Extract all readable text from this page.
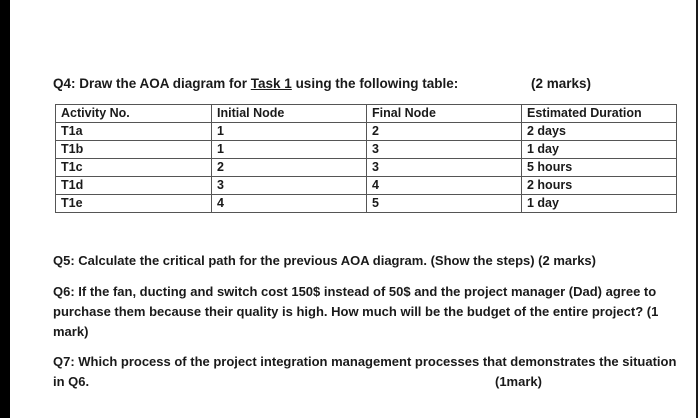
Q4: Draw the AOA diagram for Task 1 using the following table:	(2 marks)
Activity No.	Initial Node	Final Node	Estimated Duration
T1a	1	2	2 days
T1b	1	3	1 day
T1c	2	3	5 hours
T1d	3	4	2 hours
T1e	4	5	1 day
Q5: Calculate the critical path for the previous AOA diagram. (Show the steps) (2 marks)
Q6: If the fan, ducting and switch cost 150$ instead of 50$ and the project manager (Dad) agree to purchase them because their quality is high. How much will be the budget of the entire project? (1 mark)
Q7: Which process of the project integration management processes that demonstrates the situation in Q6.	(1mark)
